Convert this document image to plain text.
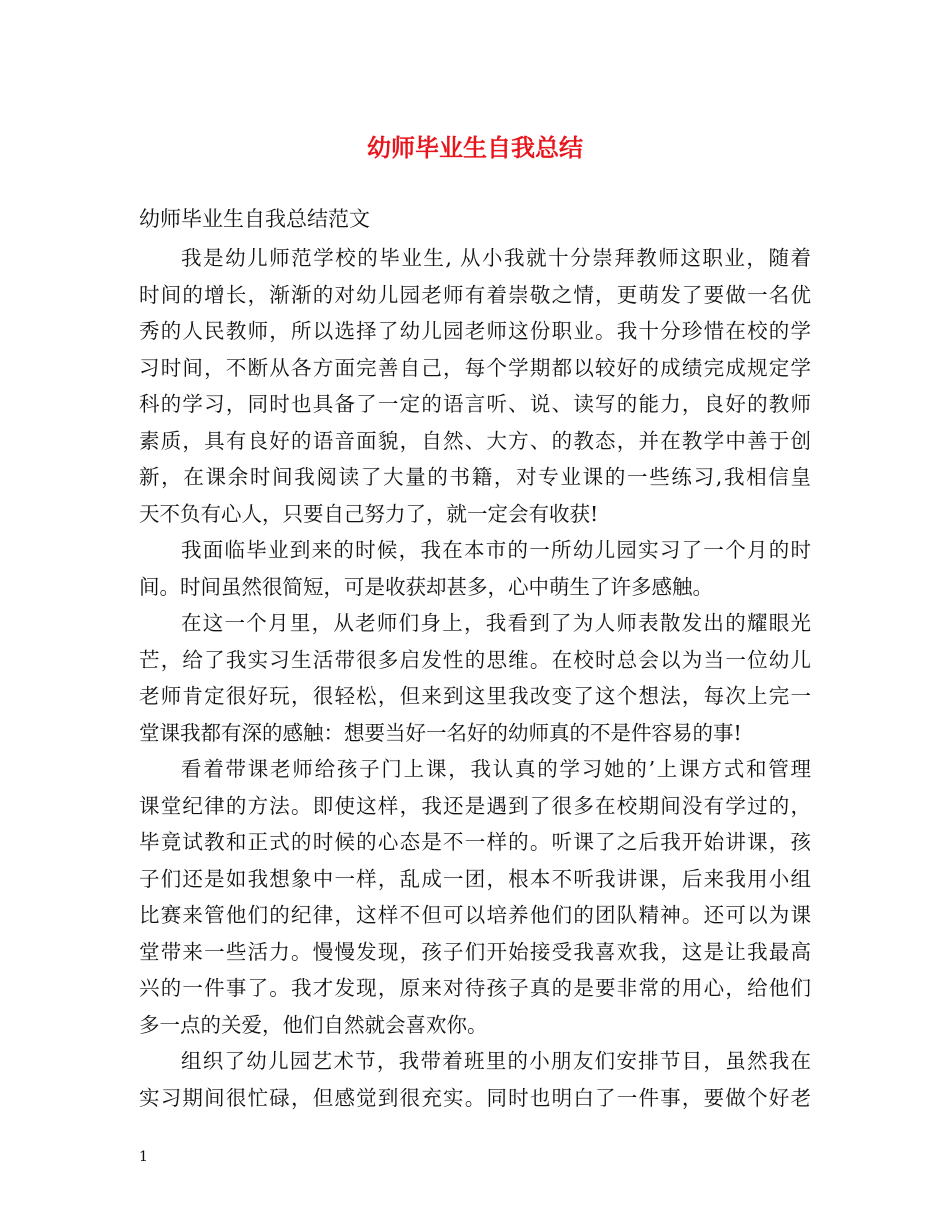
幼师毕业生自我总结
幼师毕业生自我总结范文
我是幼儿师范学校的毕业生, 从小我就十分崇拜教师这职业，随着
时间的增长，渐渐的对幼儿园老师有着崇敬之情，更萌发了要做一名优
秀的人民教师，所以选择了幼儿园老师这份职业。我十分珍惜在校的学
习时间，不断从各方面完善自己，每个学期都以较好的成绩完成规定学
科的学习，同时也具备了一定的语言听、说、读写的能力，良好的教师
素质，具有良好的语音面貌，自然、大方、的教态，并在教学中善于创
新，在课余时间我阅读了大量的书籍，对专业课的一些练习,我相信皇
天不负有心人，只要自己努力了，就一定会有收获!
我面临毕业到来的时候，我在本市的一所幼儿园实习了一个月的时
间。时间虽然很简短，可是收获却甚多，心中萌生了许多感触。
在这一个月里，从老师们身上，我看到了为人师表散发出的耀眼光
芒，给了我实习生活带很多启发性的思维。在校时总会以为当一位幼儿
老师肯定很好玩，很轻松，但来到这里我改变了这个想法，每次上完一
堂课我都有深的感触：想要当好一名好的幼师真的不是件容易的事!
看着带课老师给孩子门上课，我认真的学习她的’上课方式和管理
课堂纪律的方法。即使这样，我还是遇到了很多在校期间没有学过的，
毕竟试教和正式的时候的心态是不一样的。听课了之后我开始讲课，孩
子们还是如我想象中一样，乱成一团，根本不听我讲课，后来我用小组
比赛来管他们的纪律，这样不但可以培养他们的团队精神。还可以为课
堂带来一些活力。慢慢发现，孩子们开始接受我喜欢我，这是让我最高
兴的一件事了。我才发现，原来对待孩子真的是要非常的用心，给他们
多一点的关爱，他们自然就会喜欢你。
组织了幼儿园艺术节，我带着班里的小朋友们安排节目，虽然我在
实习期间很忙碌，但感觉到很充实。同时也明白了一件事，要做个好老
1
